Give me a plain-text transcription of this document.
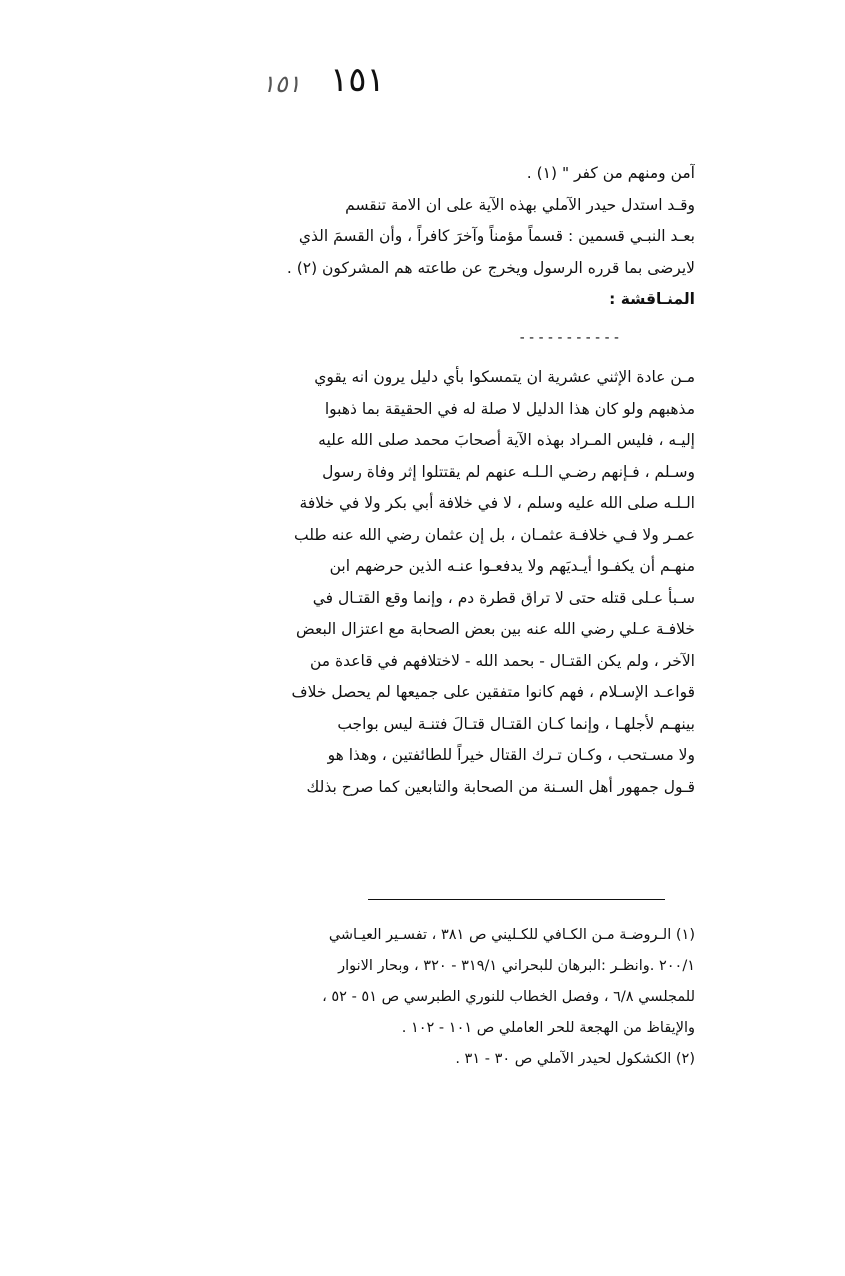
١٥١ ١٥١
آمن ومنهم من كفر " (١) .
وقـد استدل حيدر الآملي بهذه الآية على ان الامة تنقسم
بعـد النبـي قسمين : قسماً مؤمناً وآخرَ كافراً ، وأن القسمَ الذي
لايرضى بما قرره الرسول ويخرج عن طاعته هم المشركون (٢) .
المنـاقشة :
-----------
مـن عادة الإثني عشرية ان يتمسكوا بأي دليل يرون انه يقوي
مذهبهم ولو كان هذا الدليل لا صلة له في الحقيقة بما ذهبوا
إليـه ، فليس المـراد بهذه الآية أصحابَ محمد صلى الله عليه
وسـلم ، فـإنهم رضـي الـلـه عنهم لم يقتتلوا إثر وفاة رسول
الـلـه صلى الله عليه وسلم ، لا في خلافة أبي بكر ولا في خلافة
عمـر ولا فـي خلافـة عثمـان ، بل إن عثمان رضي الله عنه طلب
منهـم أن يكفـوا أيـديَهم ولا يدفعـوا عنـه الذين حرضهم ابن
سـبأ عـلى قتله حتى لا تراق قطرة دم ، وإنما وقع القتـال في
خلافـة عـلي رضي الله عنه بين بعض الصحابة مع اعتزال البعض
الآخر ، ولم يكن القتـال - بحمد الله - لاختلافهم في قاعدة من
قواعـد الإسـلام ، فهم كانوا متفقين على جميعها لم يحصل خلاف
بينهـم لأجلهـا ، وإنما كـان القتـال قتـالَ فتنـة ليس بواجب
ولا مسـتحب ، وكـان تـرك القتال خيراً للطائفتين ، وهذا هو
قـول جمهور أهل السـنة من الصحابة والتابعين كما صرح بذلك
(١) الـروضـة مـن الكـافي للكـليني ص ٣٨١ ، تفسـير العيـاشي
٢٠٠/١ .وانظـر :البرهان للبحراني ٣١٩/١ - ٣٢٠ ، وبحار الانوار
للمجلسي ٦/٨ ، وفصل الخطاب للنوري الطبرسي ص ٥١ - ٥٢ ،
والإيقاظ من الهجعة للحر العاملي ص ١٠١ - ١٠٢ .
(٢) الكشكول لحيدر الآملي ص ٣٠ - ٣١ .
